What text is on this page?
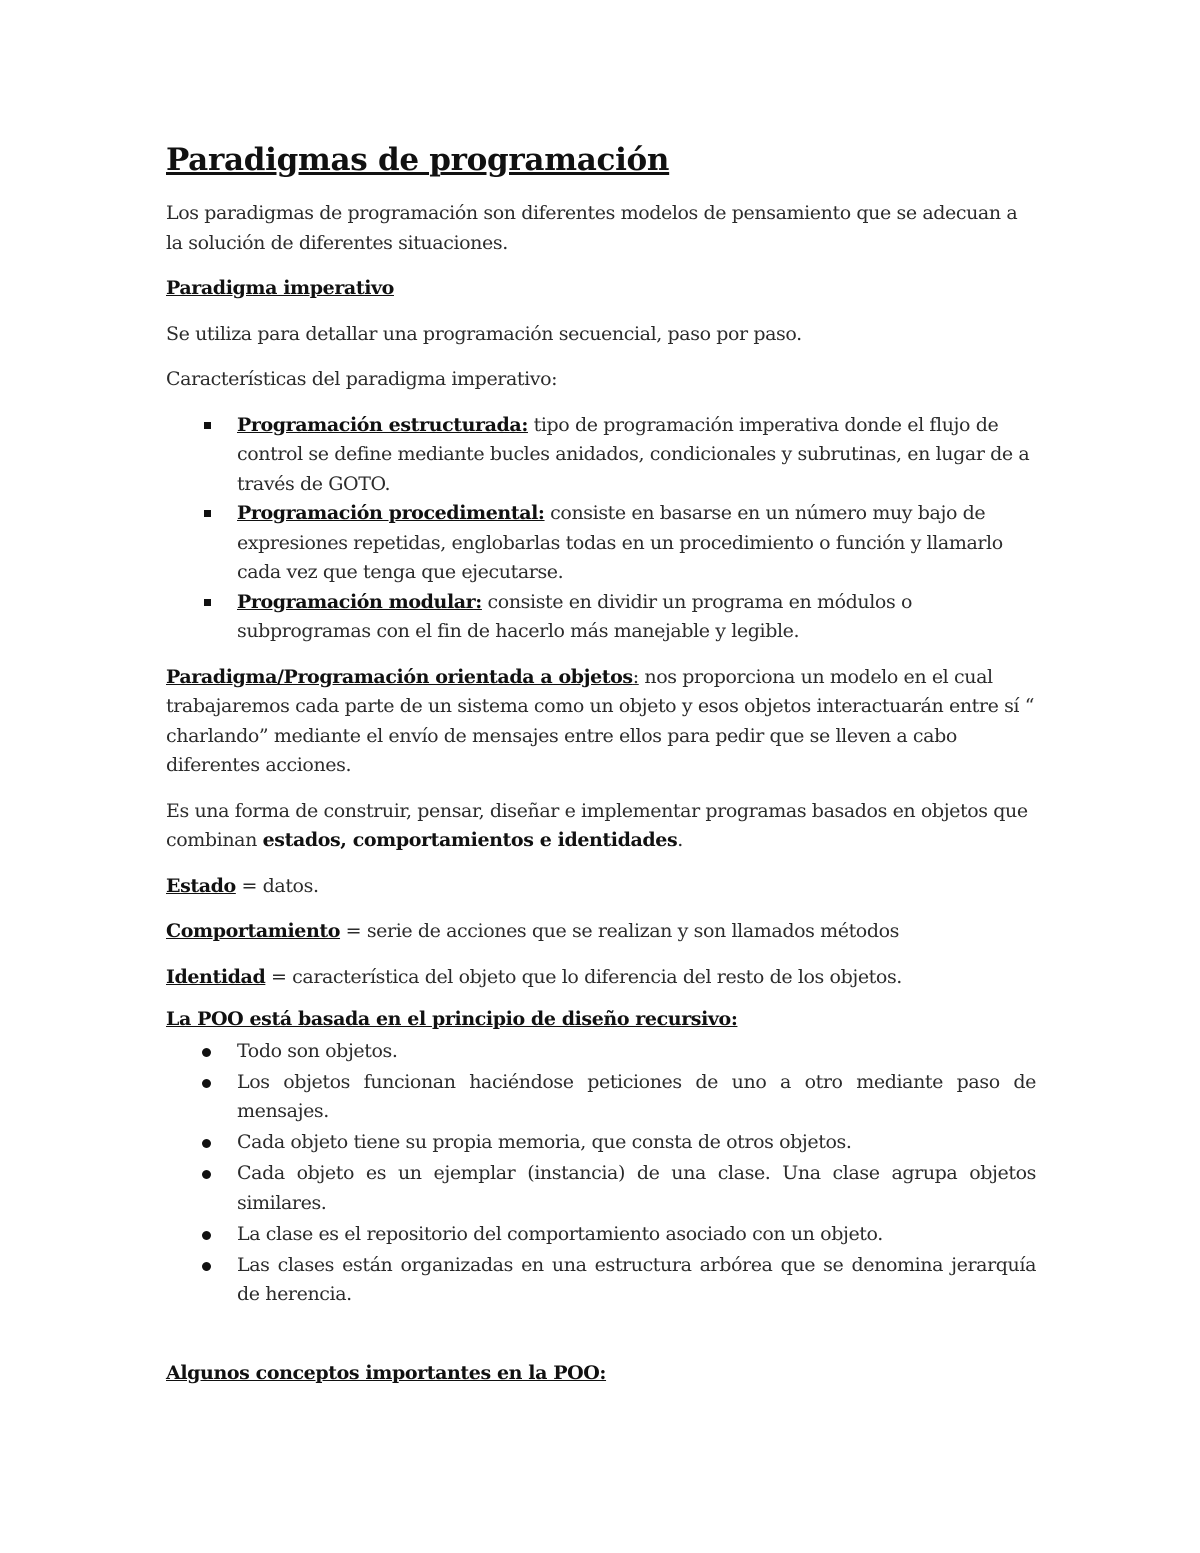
Paradigmas de programación

Los paradigmas de programación son diferentes modelos de pensamiento que se adecuan a la solución de diferentes situaciones.

Paradigma imperativo

Se utiliza para detallar una programación secuencial, paso por paso.

Características del paradigma imperativo:

Programación estructurada: tipo de programación imperativa donde el flujo de control se define mediante bucles anidados, condicionales y subrutinas, en lugar de a través de GOTO.
Programación procedimental: consiste en basarse en un número muy bajo de expresiones repetidas, englobarlas todas en un procedimiento o función y llamarlo cada vez que tenga que ejecutarse.
Programación modular: consiste en dividir un programa en módulos o subprogramas con el fin de hacerlo más manejable y legible.

Paradigma/Programación orientada a objetos: nos proporciona un modelo en el cual trabajaremos cada parte de un sistema como un objeto y esos objetos interactuarán entre sí “ charlando” mediante el envío de mensajes entre ellos para pedir que se lleven a cabo diferentes acciones.

Es una forma de construir, pensar, diseñar e implementar programas basados en objetos que combinan estados, comportamientos e identidades.

Estado = datos.

Comportamiento = serie de acciones que se realizan y son llamados métodos

Identidad = característica del objeto que lo diferencia del resto de los objetos.

La POO está basada en el principio de diseño recursivo:

Todo son objetos.
Los objetos funcionan haciéndose peticiones de uno a otro mediante paso de mensajes.
Cada objeto tiene su propia memoria, que consta de otros objetos.
Cada objeto es un ejemplar (instancia) de una clase. Una clase agrupa objetos similares.
La clase es el repositorio del comportamiento asociado con un objeto.
Las clases están organizadas en una estructura arbórea que se denomina jerarquía de herencia.

Algunos conceptos importantes en la POO:
